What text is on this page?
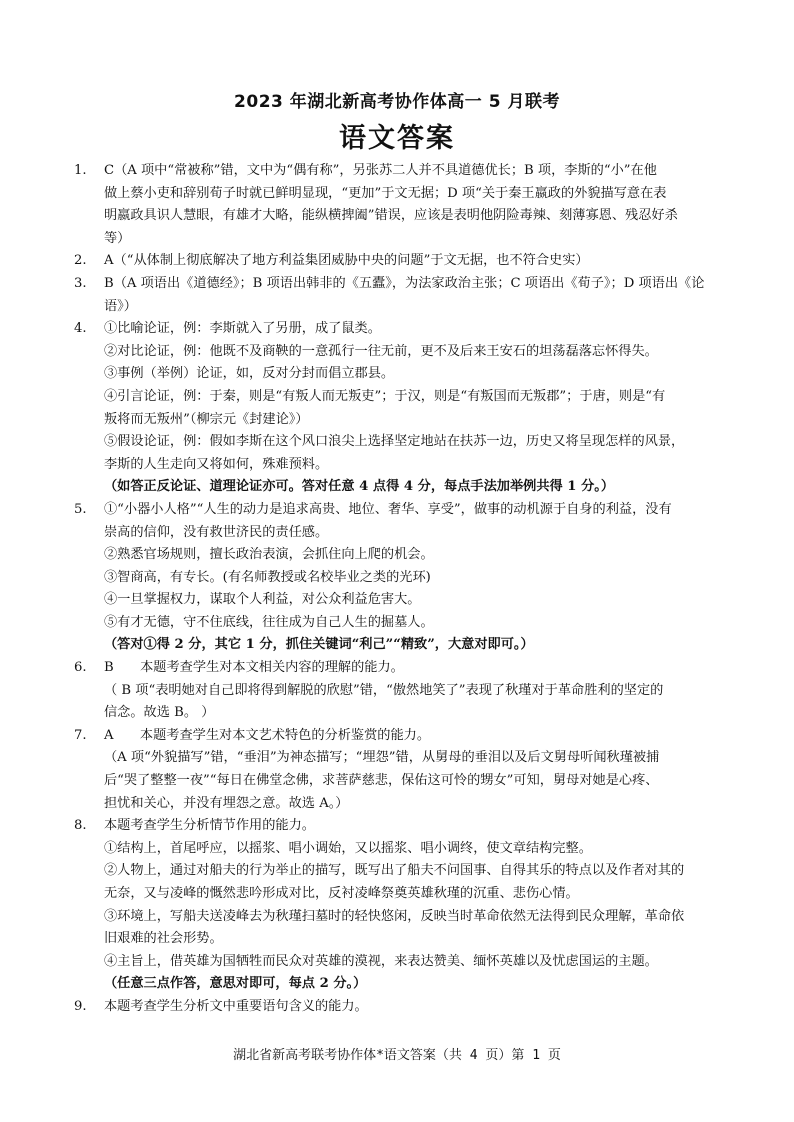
2023 年湖北新高考协作体高一 5 月联考
语文答案
1.	C（A 项中“常被称”错，文中为“偶有称”，另张苏二人并不具道德优长；B 项，李斯的“小”在他
做上蔡小吏和辞别荀子时就已鲜明显现，“更加”于文无据；D 项“关于秦王嬴政的外貌描写意在表
明嬴政具识人慧眼，有雄才大略，能纵横捭阖”错误，应该是表明他阴险毒辣、刻薄寡恩、残忍好杀
等）
2.	A（“从体制上彻底解决了地方利益集团威胁中央的问题”于文无据，也不符合史实）
3.	B（A 项语出《道德经》；B 项语出韩非的《五蠹》，为法家政治主张；C 项语出《荀子》；D 项语出《论
语》）
4.	①比喻论证，例：李斯就入了另册，成了鼠类。
②对比论证，例：他既不及商鞅的一意孤行一往无前，更不及后来王安石的坦荡磊落忘怀得失。
③事例（举例）论证，如，反对分封而倡立郡县。
④引言论证，例：于秦，则是“有叛人而无叛吏”；于汉，则是“有叛国而无叛郡”；于唐，则是“有
叛将而无叛州”（柳宗元《封建论》）
⑤假设论证，例：假如李斯在这个风口浪尖上选择坚定地站在扶苏一边，历史又将呈现怎样的风景，
李斯的人生走向又将如何，殊难预料。
（如答正反论证、道理论证亦可。答对任意 4 点得 4 分，每点手法加举例共得 1 分。）
5.	①“小器小人格”“人生的动力是追求高贵、地位、奢华、享受”，做事的动机源于自身的利益，没有
崇高的信仰，没有救世济民的责任感。
②熟悉官场规则，擅长政治表演，会抓住向上爬的机会。
③智商高，有专长。(有名师教授或名校毕业之类的光环)
④一旦掌握权力，谋取个人利益，对公众利益危害大。
⑤有才无德，守不住底线，往往成为自己人生的掘墓人。
（答对①得 2 分，其它 1 分，抓住关键词“利己”“精致”，大意对即可。）
6.	B　　本题考查学生对本文相关内容的理解的能力。
（ B 项“表明她对自己即将得到解脱的欣慰”错，“傲然地笑了”表现了秋瑾对于革命胜利的坚定的
信念。故选 B。 ）
7.	A　　本题考查学生对本文艺术特色的分析鉴赏的能力。
（A 项“外貌描写”错，“垂泪”为神态描写；“埋怨”错，从舅母的垂泪以及后文舅母听闻秋瑾被捕
后“哭了整整一夜”“每日在佛堂念佛，求菩萨慈悲，保佑这可怜的甥女”可知，舅母对她是心疼、
担忧和关心，并没有埋怨之意。故选 A。）
8.	本题考查学生分析情节作用的能力。
①结构上，首尾呼应，以摇浆、唱小调始，又以摇浆、唱小调终，使文章结构完整。
②人物上，通过对船夫的行为举止的描写，既写出了船夫不问国事、自得其乐的特点以及作者对其的
无奈，又与凌峰的慨然悲吟形成对比，反衬凌峰祭奠英雄秋瑾的沉重、悲伤心情。
③环境上，写船夫送凌峰去为秋瑾扫墓时的轻快悠闲，反映当时革命依然无法得到民众理解，革命依
旧艰难的社会形势。
④主旨上，借英雄为国牺牲而民众对英雄的漠视，来表达赞美、缅怀英雄以及忧虑国运的主题。
（任意三点作答，意思对即可，每点 2 分。）
9.	本题考查学生分析文中重要语句含义的能力。
湖北省新高考联考协作体*语文答案（共 4 页）第 1 页
